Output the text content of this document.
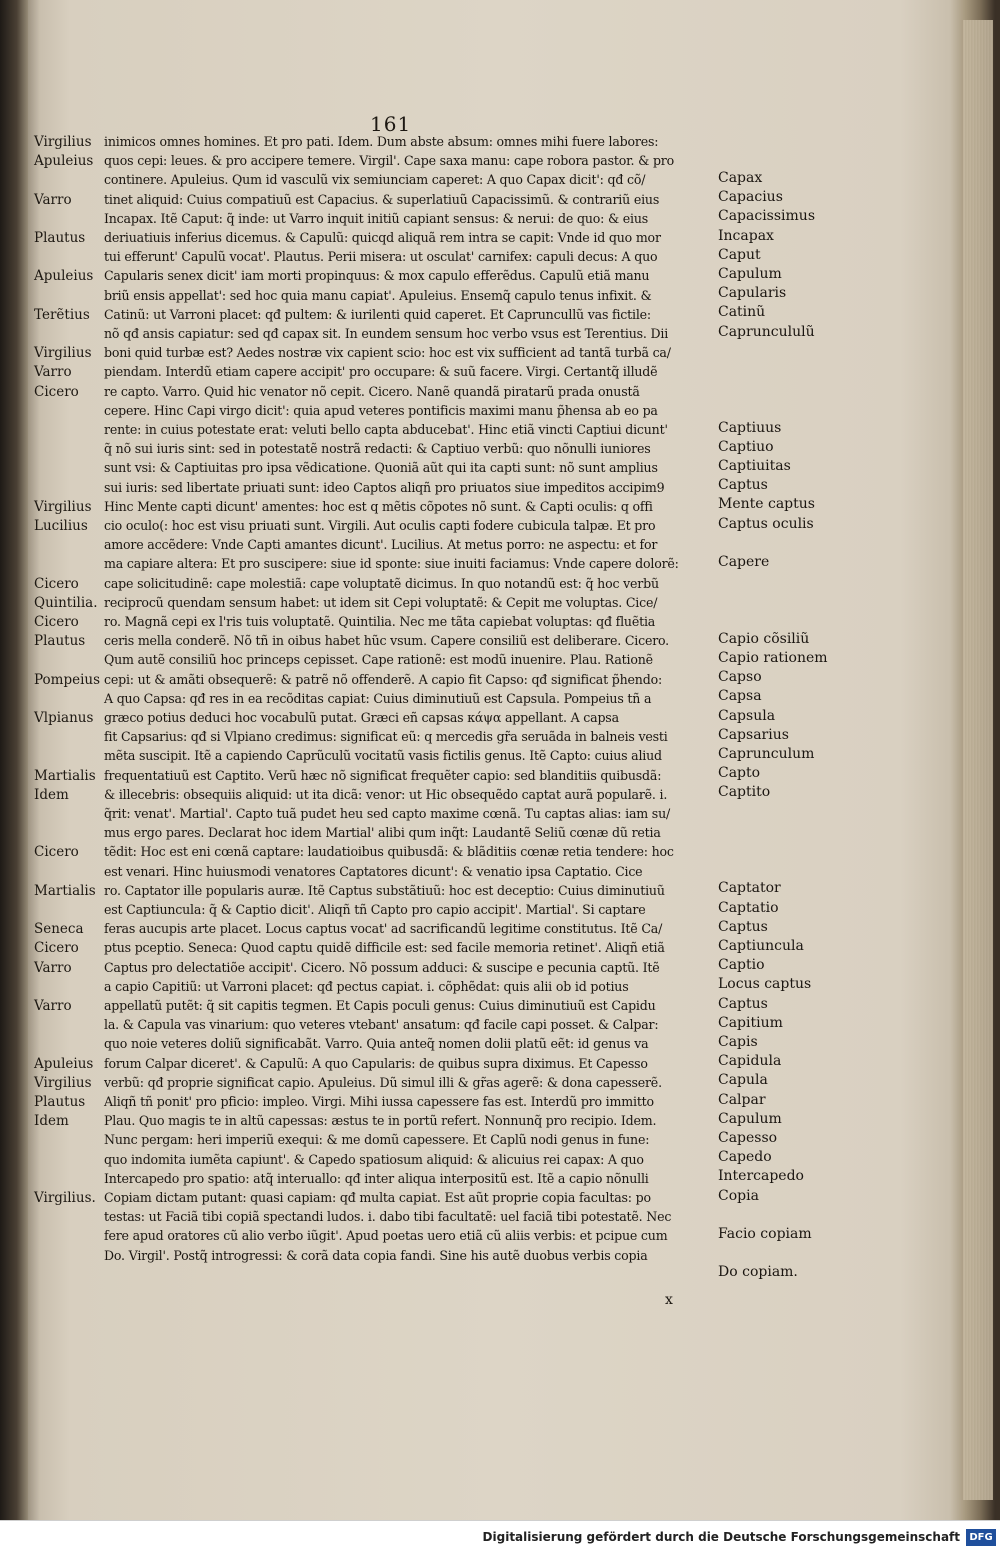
161
Virgilius
Apuleius
Varro
Plautus
Apuleius
Terẽtius
Virgilius
Varro
Cicero
Virgilius
Lucilius
Cicero
Quintilia.
Cicero
Plautus
Pompeius
Vlpianus
Martialis
Idem
Cicero
Martialis
Seneca
Cicero
Varro
Varro
Apuleius
Virgilius
Plautus
Idem
Virgilius.
inimicos omnes homines. Et pro pati. Idem. Dum abste absum: omnes mihi fuere labores:
quos cepi: leues. & pro accipere temere. Virgil'. Cape saxa manu: cape robora pastor. & pro
continere. Apuleius. Qum id vasculũ vix semiunciam caperet: A quo Capax dicit': qđ cõ/
tinet aliquid: Cuius compatiuũ est Capacius. & superlatiuũ Capacissimũ. & contrariũ eius
Incapax. Itẽ Caput: q̃ inde: ut Varro inquit initiũ capiant sensus: & nerui: de quo: & eius
deriuatiuis inferius dicemus. & Capulũ: quicqd aliquã rem intra se capit: Vnde id quo mor
tui efferunt' Capulũ vocat'. Plautus. Perii misera: ut osculat' carnifex: capuli decus: A quo
Capularis senex dicit' iam morti propinquus: & mox capulo efferẽdus. Capulũ etiã manu
briũ ensis appellat': sed hoc quia manu capiat'. Apuleius. Ensemq̃ capulo tenus infixit. &
Catinũ: ut Varroni placet: qđ pultem: & iurilenti quid caperet. Et Capruncullũ vas fictile:
nõ qđ ansis capiatur: sed qđ capax sit. In eundem sensum hoc verbo vsus est Terentius. Dii
boni quid turbæ est? Aedes nostræ vix capient scio: hoc est vix sufficient ad tantã turbã ca/
piendam. Interdũ etiam capere accipit' pro occupare: & suũ facere. Virgi. Certantq̃ illudẽ
re capto. Varro. Quid hic venator nõ cepit. Cicero. Nanẽ quandã piratarũ prada onustã
cepere. Hinc Capi virgo dicit': quia apud veteres pontificis maximi manu p̃hensa ab eo pa
rente: in cuius potestate erat: veluti bello capta abducebat'. Hinc etiã vincti Captiui dicunt'
q̃ nõ sui iuris sint: sed in potestatẽ nostrã redacti: & Captiuo verbũ: quo nõnulli iuniores
sunt vsi: & Captiuitas pro ipsa vẽdicatione. Quoniã aũt qui ita capti sunt: nõ sunt amplius
sui iuris: sed libertate priuati sunt: ideo Captos aliqñ pro priuatos siue impeditos accipim9
Hinc Mente capti dicunt' amentes: hoc est q mẽtis cõpotes nõ sunt. & Capti oculis: q offi
cio oculo(: hoc est visu priuati sunt. Virgili. Aut oculis capti fodere cubicula talpæ. Et pro
amore accẽdere: Vnde Capti amantes dicunt'. Lucilius. At metus porro: ne aspectu: et for
ma capiare altera: Et pro suscipere: siue id sponte: siue inuiti faciamus: Vnde capere dolorẽ:
cape solicitudinẽ: cape molestiã: cape voluptatẽ dicimus. In quo notandũ est: q̃ hoc verbũ
reciprocũ quendam sensum habet: ut idem sit Cepi voluptatẽ: & Cepit me voluptas. Cice/
ro. Magnã cepi ex l'ris tuis voluptatẽ. Quintilia. Nec me tãta capiebat voluptas: qđ fluẽtia
ceris mella conderẽ. Nõ tñ in oibus habet hũc vsum. Capere consiliũ est deliberare. Cicero.
Qum autẽ consiliũ hoc princeps cepisset. Cape rationẽ: est modũ inuenire. Plau. Rationẽ
cepi: ut & amãti obsequerẽ: & patrẽ nõ offenderẽ. A capio fit Capso: qđ significat p̃hendo:
A quo Capsa: qđ res in ea recõditas capiat: Cuius diminutiuũ est Capsula. Pompeius tñ a
græco potius deduci hoc vocabulũ putat. Græci eñ capsas κάψα appellant. A capsa
fit Capsarius: qđ si Vlpiano credimus: significat eũ: q mercedis gr̃a seruãda in balneis vesti
mẽta suscipit. Itẽ a capiendo Caprũculũ vocitatũ vasis fictilis genus. Itẽ Capto: cuius aliud
frequentatiuũ est Captito. Verũ hæc nõ significat frequẽter capio: sed blanditiis quibusdã:
& illecebris: obsequiis aliquid: ut ita dicã: venor: ut Hic obsequẽdo captat aurã popularẽ. i.
q̃rit: venat'. Martial'. Capto tuã pudet heu sed capto maxime cœnã. Tu captas alias: iam su/
mus ergo pares. Declarat hoc idem Martial' alibi qum inq̃t: Laudantẽ Seliũ cœnæ dũ retia
tẽdit: Hoc est eni cœnã captare: laudatioibus quibusdã: & blãditiis cœnæ retia tendere: hoc
est venari. Hinc huiusmodi venatores Captatores dicunt': & venatio ipsa Captatio. Cice
ro. Captator ille popularis auræ. Itẽ Captus substãtiuũ: hoc est deceptio: Cuius diminutiuũ
est Captiuncula: q̃ & Captio dicit'. Aliqñ tñ Capto pro capio accipit'. Martial'. Si captare
feras aucupis arte placet. Locus captus vocat' ad sacrificandũ legitime constitutus. Itẽ Ca/
ptus pceptio. Seneca: Quod captu quidẽ difficile est: sed facile memoria retinet'. Aliqñ etiã
Captus pro delectatiõe accipit'. Cicero. Nõ possum adduci: & suscipe e pecunia captũ. Itẽ
a capio Capitiũ: ut Varroni placet: qđ pectus capiat. i. cõphẽdat: quis alii ob id potius
appellatũ putẽt: q̃ sit capitis tegmen. Et Capis poculi genus: Cuius diminutiuũ est Capidu
la. & Capula vas vinarium: quo veteres vtebant' ansatum: qđ facile capi posset. & Calpar:
quo noie veteres doliũ significabãt. Varro. Quia anteq̃ nomen dolii platũ eẽt: id genus va
forum Calpar diceret'. & Capulũ: A quo Capularis: de quibus supra diximus. Et Capesso
verbũ: qđ proprie significat capio. Apuleius. Dũ simul illi & gr̃as agerẽ: & dona capesserẽ.
Aliqñ tñ ponit' pro pficio: impleo. Virgi. Mihi iussa capessere fas est. Interdũ pro immitto
Plau. Quo magis te in altũ capessas: æstus te in portũ refert. Nonnunq̃ pro recipio. Idem.
Nunc pergam: heri imperiũ exequi: & me domũ capessere. Et Caplũ nodi genus in fune:
quo indomita iumẽta capiunt'. & Capedo spatiosum aliquid: & alicuius rei capax: A quo
Intercapedo pro spatio: atq̃ interuallo: qđ inter aliqua interpositũ est. Itẽ a capio nõnulli
Copiam dictam putant: quasi capiam: qđ multa capiat. Est aũt proprie copia facultas: po
testas: ut Faciã tibi copiã spectandi ludos. i. dabo tibi facultatẽ: uel faciã tibi potestatẽ. Nec
fere apud oratores cũ alio verbo iũgit'. Apud poetas uero etiã cũ aliis verbis: et pcipue cum
Do. Virgil'. Postq̃ introgressi: & corã data copia fandi. Sine his autẽ duobus verbis copia
Capax
Capacius
Capacissimus
Incapax
Caput
Capulum
Capularis
Catinũ
Capruncululũ
Captiuus
Captiuo
Captiuitas
Captus
Mente captus
Captus oculis
Capere
Capio cõsiliũ
Capio rationem
Capso
Capsa
Capsula
Capsarius
Caprunculum
Capto
Captito
Captator
Captatio
Captus
Captiuncula
Captio
Locus captus
Captus
Capitium
Capis
Capidula
Capula
Calpar
Capulum
Capesso
Capedo
Intercapedo
Copia
Facio copiam
Do copiam.
x
Digitalisierung gefördert durch die Deutsche Forschungsgemeinschaft DFG
